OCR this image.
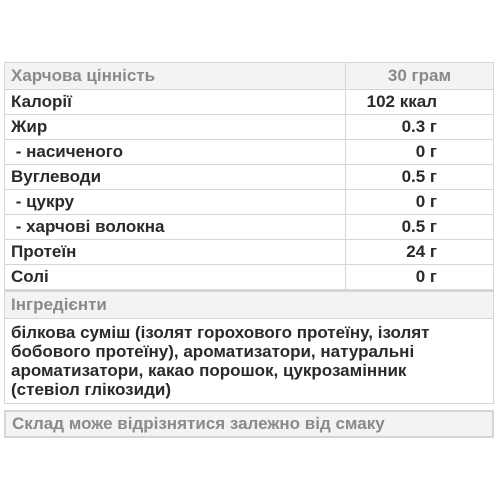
Харчова цінність	30 грам
Калорії	102 ккал
Жир	0.3 г
- насиченого	0 г
Вуглеводи	0.5 г
- цукру	0 г
- харчові волокна	0.5 г
Протеїн	24 г
Солі	0 г
Інгредієнти
білкова суміш (ізолят горохового протеїну, ізолят
бобового протеїну), ароматизатори, натуральні
ароматизатори, какао порошок, цукрозамінник
(стевіол глікозиди)
Склад може відрізнятися залежно від смаку
